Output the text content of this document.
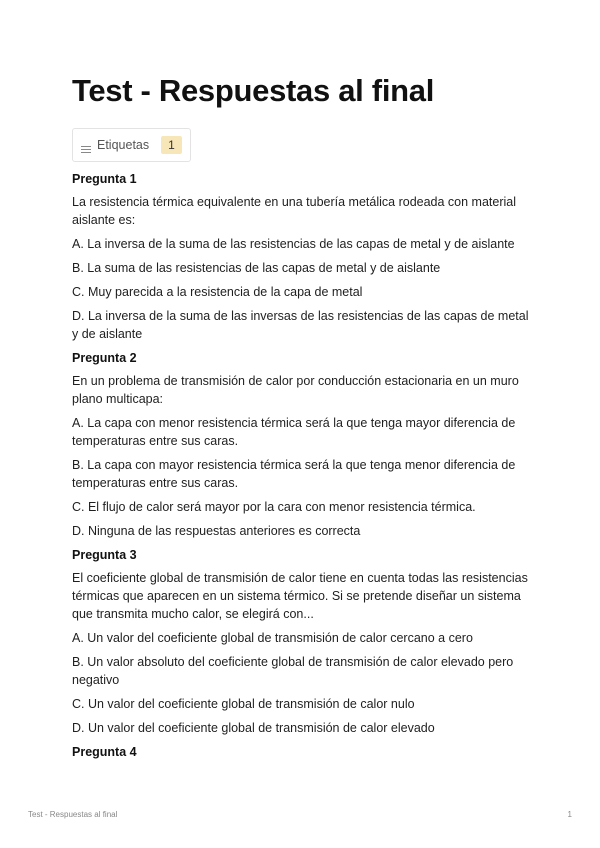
Test - Respuestas al final
Etiquetas	1
Pregunta 1

La resistencia térmica equivalente en una tubería metálica rodeada con material aislante es:

A. La inversa de la suma de las resistencias de las capas de metal y de aislante

B. La suma de las resistencias de las capas de metal y de aislante

C. Muy parecida a la resistencia de la capa de metal

D. La inversa de la suma de las inversas de las resistencias de las capas de metal y de aislante

Pregunta 2

En un problema de transmisión de calor por conducción estacionaria en un muro plano multicapa:

A. La capa con menor resistencia térmica será la que tenga mayor diferencia de temperaturas entre sus caras.

B. La capa con mayor resistencia térmica será la que tenga menor diferencia de temperaturas entre sus caras.

C. El flujo de calor será mayor por la cara con menor resistencia térmica.

D. Ninguna de las respuestas anteriores es correcta

Pregunta 3

El coeficiente global de transmisión de calor tiene en cuenta todas las resistencias térmicas que aparecen en un sistema térmico. Si se pretende diseñar un sistema que transmita mucho calor, se elegirá con...

A. Un valor del coeficiente global de transmisión de calor cercano a cero

B. Un valor absoluto del coeficiente global de transmisión de calor elevado pero negativo

C. Un valor del coeficiente global de transmisión de calor nulo

D. Un valor del coeficiente global de transmisión de calor elevado

Pregunta 4
Test - Respuestas al final	1
